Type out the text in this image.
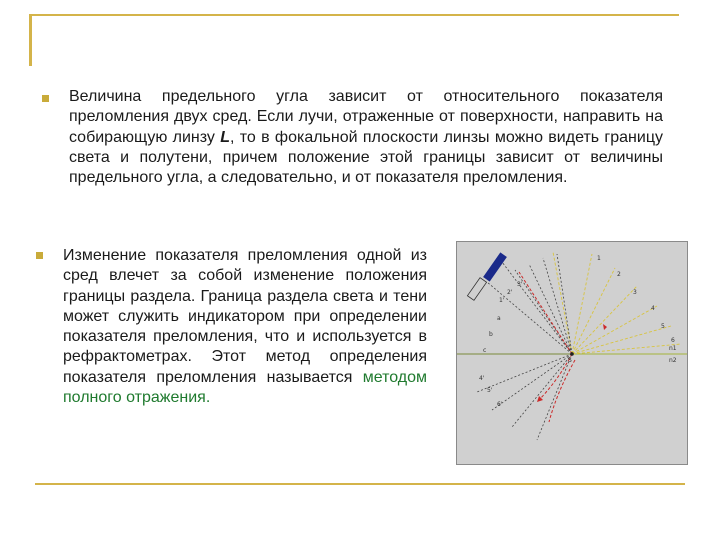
Величина предельного угла зависит от относительного показателя преломления двух сред. Если лучи, отраженные от поверхности, направить на собирающую линзу L, то в фокальной плоскости линзы можно видеть границу света и полутени, причем положение этой границы зависит от величины предельного угла, а следовательно, и от показателя преломления.
Изменение показателя преломления одной из сред влечет за собой изменение положения границы раздела. Граница раздела света и тени может служить индикатором при определении показателя преломления, что и используется в рефрактометрах. Этот метод определения показателя преломления называется методом полного отражения.
S
n1
n2
c
b
a
1'
2'
3'
4'
5'
6'
1
2
3
4
5
6
